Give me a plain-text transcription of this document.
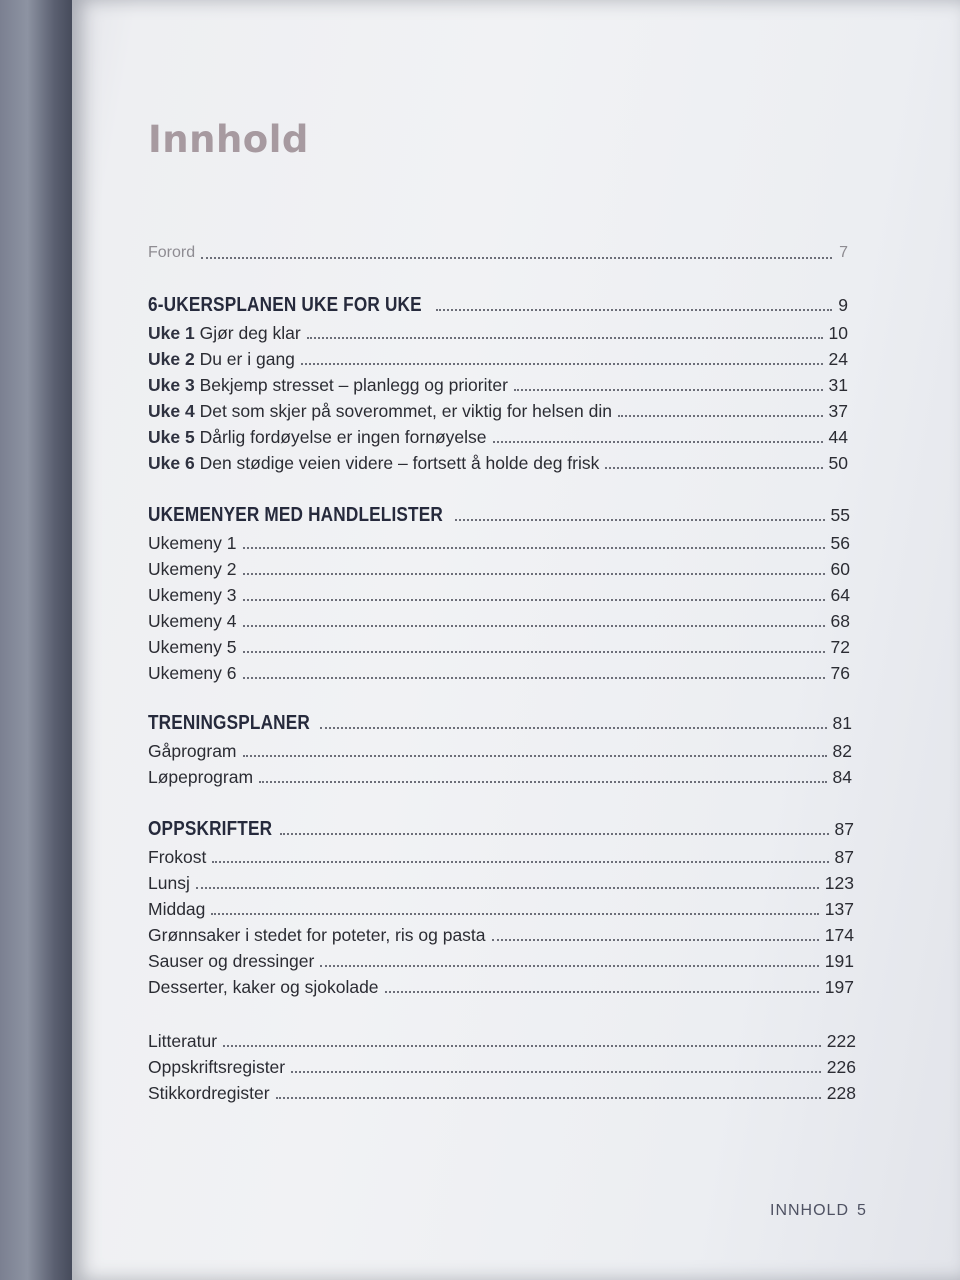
Innhold
Forord	7
6-UKERSPLANEN UKE FOR UKE	9
Uke 1 Gjør deg klar	10
Uke 2 Du er i gang	24
Uke 3 Bekjemp stresset – planlegg og prioriter	31
Uke 4 Det som skjer på soverommet, er viktig for helsen din	37
Uke 5 Dårlig fordøyelse er ingen fornøyelse	44
Uke 6 Den stødige veien videre – fortsett å holde deg frisk	50
UKEMENYER MED HANDLELISTER	55
Ukemeny 1	56
Ukemeny 2	60
Ukemeny 3	64
Ukemeny 4	68
Ukemeny 5	72
Ukemeny 6	76
TRENINGSPLANER	81
Gåprogram	82
Løpeprogram	84
OPPSKRIFTER	87
Frokost	87
Lunsj	123
Middag	137
Grønnsaker i stedet for poteter, ris og pasta	174
Sauser og dressinger	191
Desserter, kaker og sjokolade	197
Litteratur	222
Oppskriftsregister	226
Stikkordregister	228
INNHOLD 5
